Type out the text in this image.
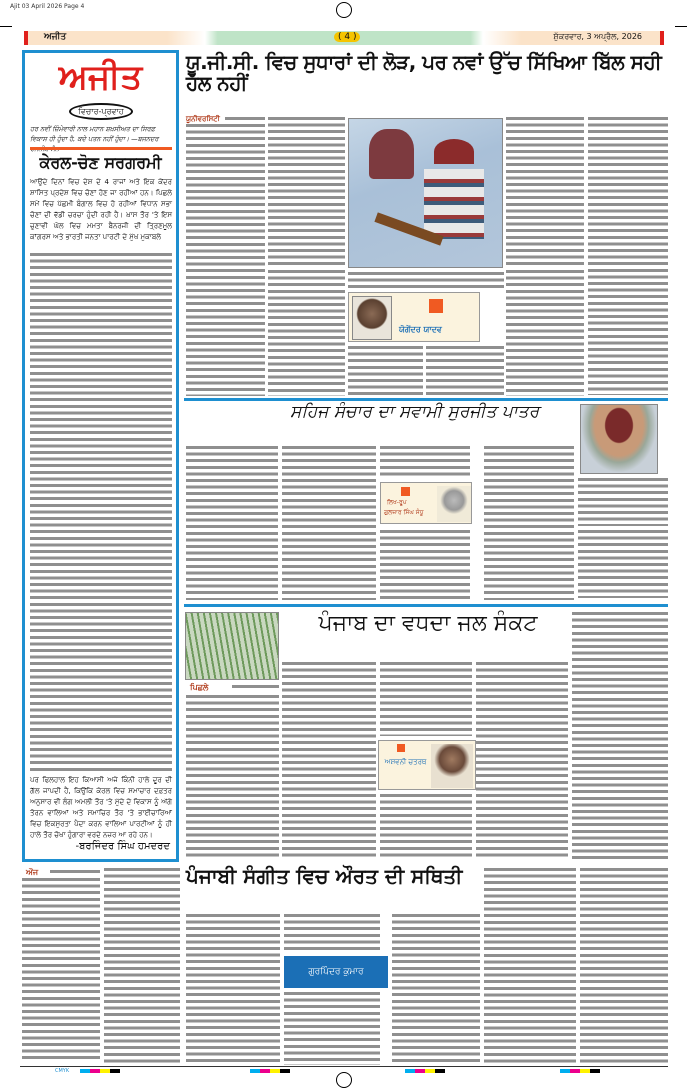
Ajit 03 April 2026 Page 4
ਅਜੀਤ	( 4 )	ਸ਼ੁੱਕਰਵਾਰ, 3 ਅਪ੍ਰੈਲ, 2026
ਅਜੀਤ
ਵਿਚਾਰ-ਪ੍ਰਵਾਹ
ਹਰ ਨਵੀਂ ਜ਼ਿੰਮੇਵਾਰੀ ਨਾਲ ਮਹਾਨ ਸ਼ਖ਼ਸੀਅਤ ਦਾ ਸਿਰਫ਼ ਵਿਕਾਸ ਹੀ ਹੁੰਦਾ ਹੈ, ਕਦੇ ਪਤਨ ਨਹੀਂ ਹੁੰਦਾ। —ਬਜਨਦਰ
ਕੇਰਲ-ਚੋਣ ਸਰਗਰਮੀ
ਆਉਂਦੇ ਦਿਨਾਂ ਵਿਚ ਦੇਸ਼ ਦੇ 4 ਰਾਜਾਂ ਅਤੇ ਇਕ ਕੇਂਦਰ ਸ਼ਾਸਿਤ ਪ੍ਰਦੇਸ਼ ਵਿਚ ਚੋਣਾਂ ਹੋਣ ਜਾ ਰਹੀਆਂ ਹਨ। ਪਿਛਲੇ ਸਮੇਂ ਵਿਚ ਪੱਛਮੀ ਬੰਗਾਲ ਵਿਚ ਹੋ ਰਹੀਆਂ ਵਿਧਾਨ ਸਭਾ ਚੋਣਾਂ ਦੀ ਵੱਡੀ ਚਰਚਾ ਹੁੰਦੀ ਰਹੀ ਹੈ। ਖ਼ਾਸ ਤੌਰ 'ਤੇ ਇਸ ਚੁਣਾਵੀ ਘੋਲ ਵਿਚ ਮਮਤਾ ਬੈਨਰਜੀ ਦੀ ਤ੍ਰਿਣਮੂਲ ਕਾਂਗਰਸ ਅਤੇ ਭਾਰਤੀ ਜਨਤਾ ਪਾਰਟੀ ਦੇ ਮੁੱਖ ਮੁਕਾਬਲੇ
ਪਰ ਫਿਲਹਾਲ ਇਹ ਕਿਆਸੀ ਅਜੇ ਕਿੰਨੀ ਹਾਲੇ ਦੂਰ ਦੀ ਗੱਲ ਜਾਪਦੀ ਹੈ, ਕਿਉਂਕਿ ਕੇਰਲ ਵਿਚ ਸਮਾਚਾਰ ਦਫ਼ਤਰ ਅਨੁਸਾਰ ਵੀ ਲੰਗ ਅਮਲੀ ਤੌਰ 'ਤੇ ਮੁੱਦੇ ਦੇ ਵਿਕਾਸ ਨੂੰ ਅੱਗੇ ਤੋਰਨ ਵਾਲਿਆਂ ਅਤੇ ਸਮਾਚਿਰ ਤੌਰ 'ਤੇ ਭਾਈਚਾਰਿਆਂ ਵਿਚ ਇਕਸੁਰਤਾ ਪੈਦਾ ਕਰਨ ਵਾਲਿਆਂ ਪਾਰਟੀਆਂ ਨੂੰ ਹੀ ਹਾਲੇ ਤੌਰ ਚੋਖਾ ਹੁੰਗਾਰਾ ਵਰਦੇ ਨਜ਼ਰ ਆ ਰਹੇ ਹਨ।
-ਬਰਜਿੰਦਰ ਸਿੰਘ ਹਮਦਰਦ
ਯੂ.ਜੀ.ਸੀ. ਵਿਚ ਸੁਧਾਰਾਂ ਦੀ ਲੋੜ, ਪਰ ਨਵਾਂ ਉੱਚ ਸਿੱਖਿਆ ਬਿੱਲ ਸਹੀ ਹੱਲ ਨਹੀਂ
ਯੂਨੀਵਰਸਿਟੀ
ਯੋਗੇਂਦਰ ਯਾਦਵ
ਸਹਿਜ ਸੰਚਾਰ ਦਾ ਸਵਾਮੀ ਸੁਰਜੀਤ ਪਾਤਰ
ਲਿਖ-ਰੂਪ
ਗੁਲਜ਼ਾਰ ਸਿੰਘ ਸੰਧੂ
ਪਿਛਲੇ
ਪੰਜਾਬ ਦਾ ਵਧਦਾ ਜਲ ਸੰਕਟ
ਅਸ਼ਵਨੀ ਚਤਰਥ
ਔਜ	ਪੰਜਾਬੀ ਸੰਗੀਤ ਵਿਚ ਔਰਤ ਦੀ ਸਥਿਤੀ
ਗੁਰਪਿੰਦਰ ਕੁਮਾਰ
CMYK
